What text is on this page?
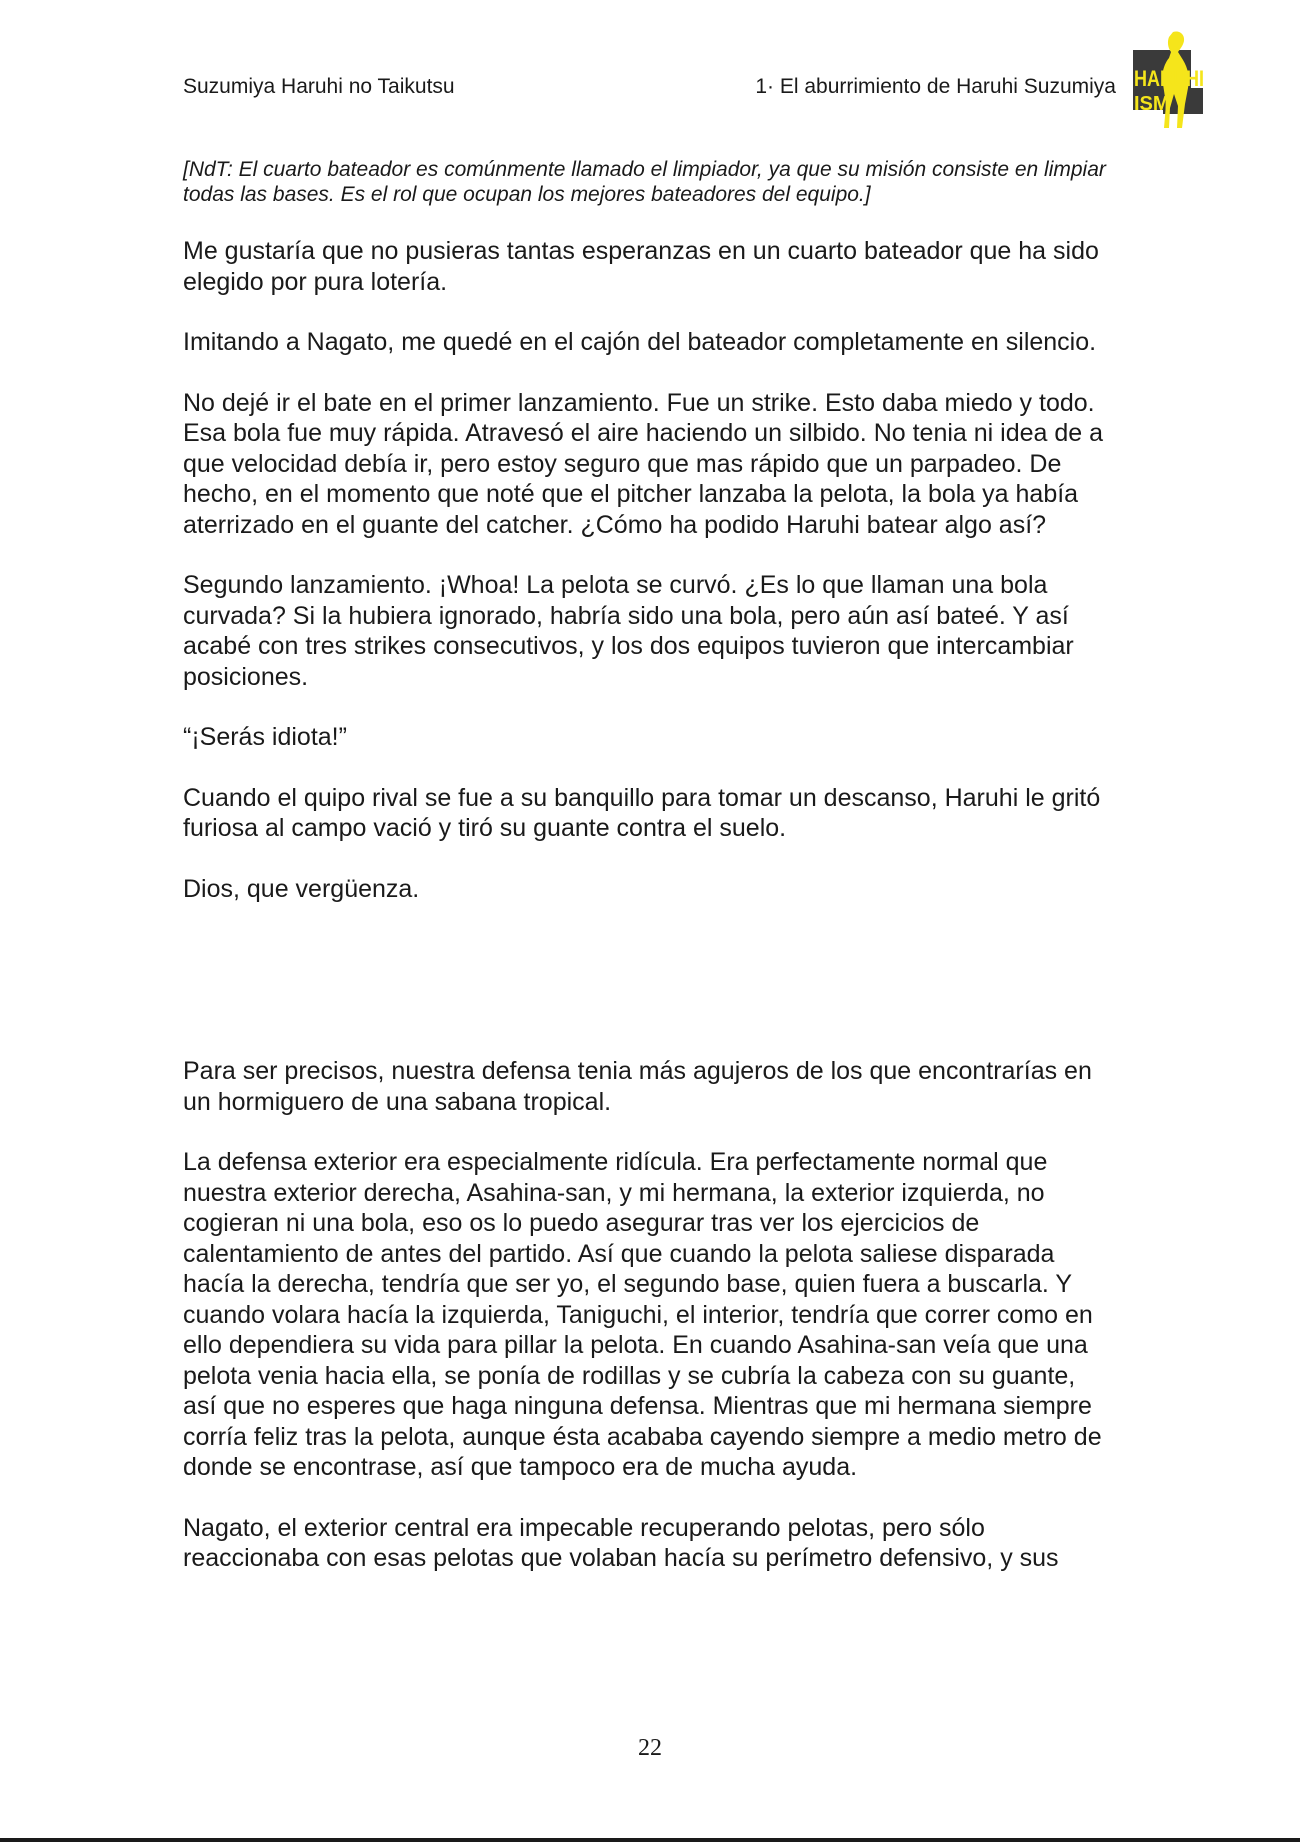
Suzumiya Haruhi no Taikutsu	1· El aburrimiento de Haruhi Suzumiya HARUHI
ISM

[NdT: El cuarto bateador es comúnmente llamado el limpiador, ya que su misión consiste en limpiar todas las bases. Es el rol que ocupan los mejores bateadores del equipo.]

Me gustaría que no pusieras tantas esperanzas en un cuarto bateador que ha sido elegido por pura lotería.

Imitando a Nagato, me quedé en el cajón del bateador completamente en silencio.

No dejé ir el bate en el primer lanzamiento. Fue un strike. Esto daba miedo y todo. Esa bola fue muy rápida. Atravesó el aire haciendo un silbido. No tenia ni idea de a que velocidad debía ir, pero estoy seguro que mas rápido que un parpadeo. De hecho, en el momento que noté que el pitcher lanzaba la pelota, la bola ya había aterrizado en el guante del catcher. ¿Cómo ha podido Haruhi batear algo así?

Segundo lanzamiento. ¡Whoa! La pelota se curvó. ¿Es lo que llaman una bola curvada? Si la hubiera ignorado, habría sido una bola, pero aún así bateé. Y así acabé con tres strikes consecutivos, y los dos equipos tuvieron que intercambiar posiciones.

“¡Serás idiota!”

Cuando el quipo rival se fue a su banquillo para tomar un descanso, Haruhi le gritó furiosa al campo vació y tiró su guante contra el suelo.

Dios, que vergüenza.

Para ser precisos, nuestra defensa tenia más agujeros de los que encontrarías en un hormiguero de una sabana tropical.

La defensa exterior era especialmente ridícula. Era perfectamente normal que nuestra exterior derecha, Asahina-san, y mi hermana, la exterior izquierda, no cogieran ni una bola, eso os lo puedo asegurar tras ver los ejercicios de calentamiento de antes del partido. Así que cuando la pelota saliese disparada hacía la derecha, tendría que ser yo, el segundo base, quien fuera a buscarla. Y cuando volara hacía la izquierda, Taniguchi, el interior, tendría que correr como en ello dependiera su vida para pillar la pelota. En cuando Asahina-san veía que una pelota venia hacia ella, se ponía de rodillas y se cubría la cabeza con su guante, así que no esperes que haga ninguna defensa. Mientras que mi hermana siempre corría feliz tras la pelota, aunque ésta acababa cayendo siempre a medio metro de donde se encontrase, así que tampoco era de mucha ayuda.

Nagato, el exterior central era impecable recuperando pelotas, pero sólo reaccionaba con esas pelotas que volaban hacía su perímetro defensivo, y sus

22
